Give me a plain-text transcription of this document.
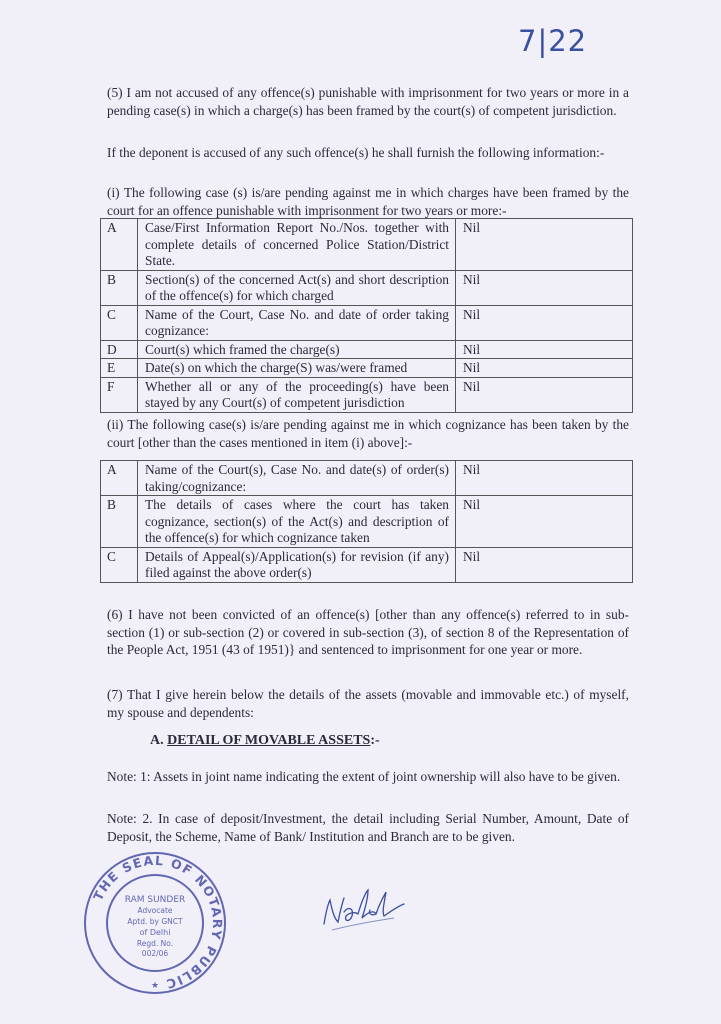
7|22

(5) I am not accused of any offence(s) punishable with imprisonment for two years or more in a pending case(s) in which a charge(s) has been framed by the court(s) of competent jurisdiction.

If the deponent is accused of any such offence(s) he shall furnish the following information:-

(i) The following case (s) is/are pending against me in which charges have been framed by the court for an offence punishable with imprisonment for two years or more:-

A	Case/First Information Report No./Nos. together with complete details of concerned Police Station/District State.	Nil
B	Section(s) of the concerned Act(s) and short description of the offence(s) for which charged	Nil
C	Name of the Court, Case No. and date of order taking cognizance:	Nil
D	Court(s) which framed the charge(s)	Nil
E	Date(s) on which the charge(S) was/were framed	Nil
F	Whether all or any of the proceeding(s) have been stayed by any Court(s) of competent jurisdiction	Nil

(ii) The following case(s) is/are pending against me in which cognizance has been taken by the court [other than the cases mentioned in item (i) above]:-

A	Name of the Court(s), Case No. and date(s) of order(s) taking/cognizance:	Nil
B	The details of cases where the court has taken cognizance, section(s) of the Act(s) and description of the offence(s) for which cognizance taken	Nil
C	Details of Appeal(s)/Application(s) for revision (if any) filed against the above order(s)	Nil

(6) I have not been convicted of an offence(s) [other than any offence(s) referred to in sub-section (1) or sub-section (2) or covered in sub-section (3), of section 8 of the Representation of the People Act, 1951 (43 of 1951)} and sentenced to imprisonment for one year or more.

(7) That I give herein below the details of the assets (movable and immovable etc.) of myself, my spouse and dependents:

A. DETAIL OF MOVABLE ASSETS:-

Note: 1: Assets in joint name indicating the extent of joint ownership will also have to be given.

Note: 2. In case of deposit/Investment, the detail including Serial Number, Amount, Date of Deposit, the Scheme, Name of Bank/ Institution and Branch are to be given.

THE SEAL OF NOTARY PUBLIC
RAM SUNDER
Advocate
Aptd. by GNCT
of Delhi
Regd. No.
002/06
★
